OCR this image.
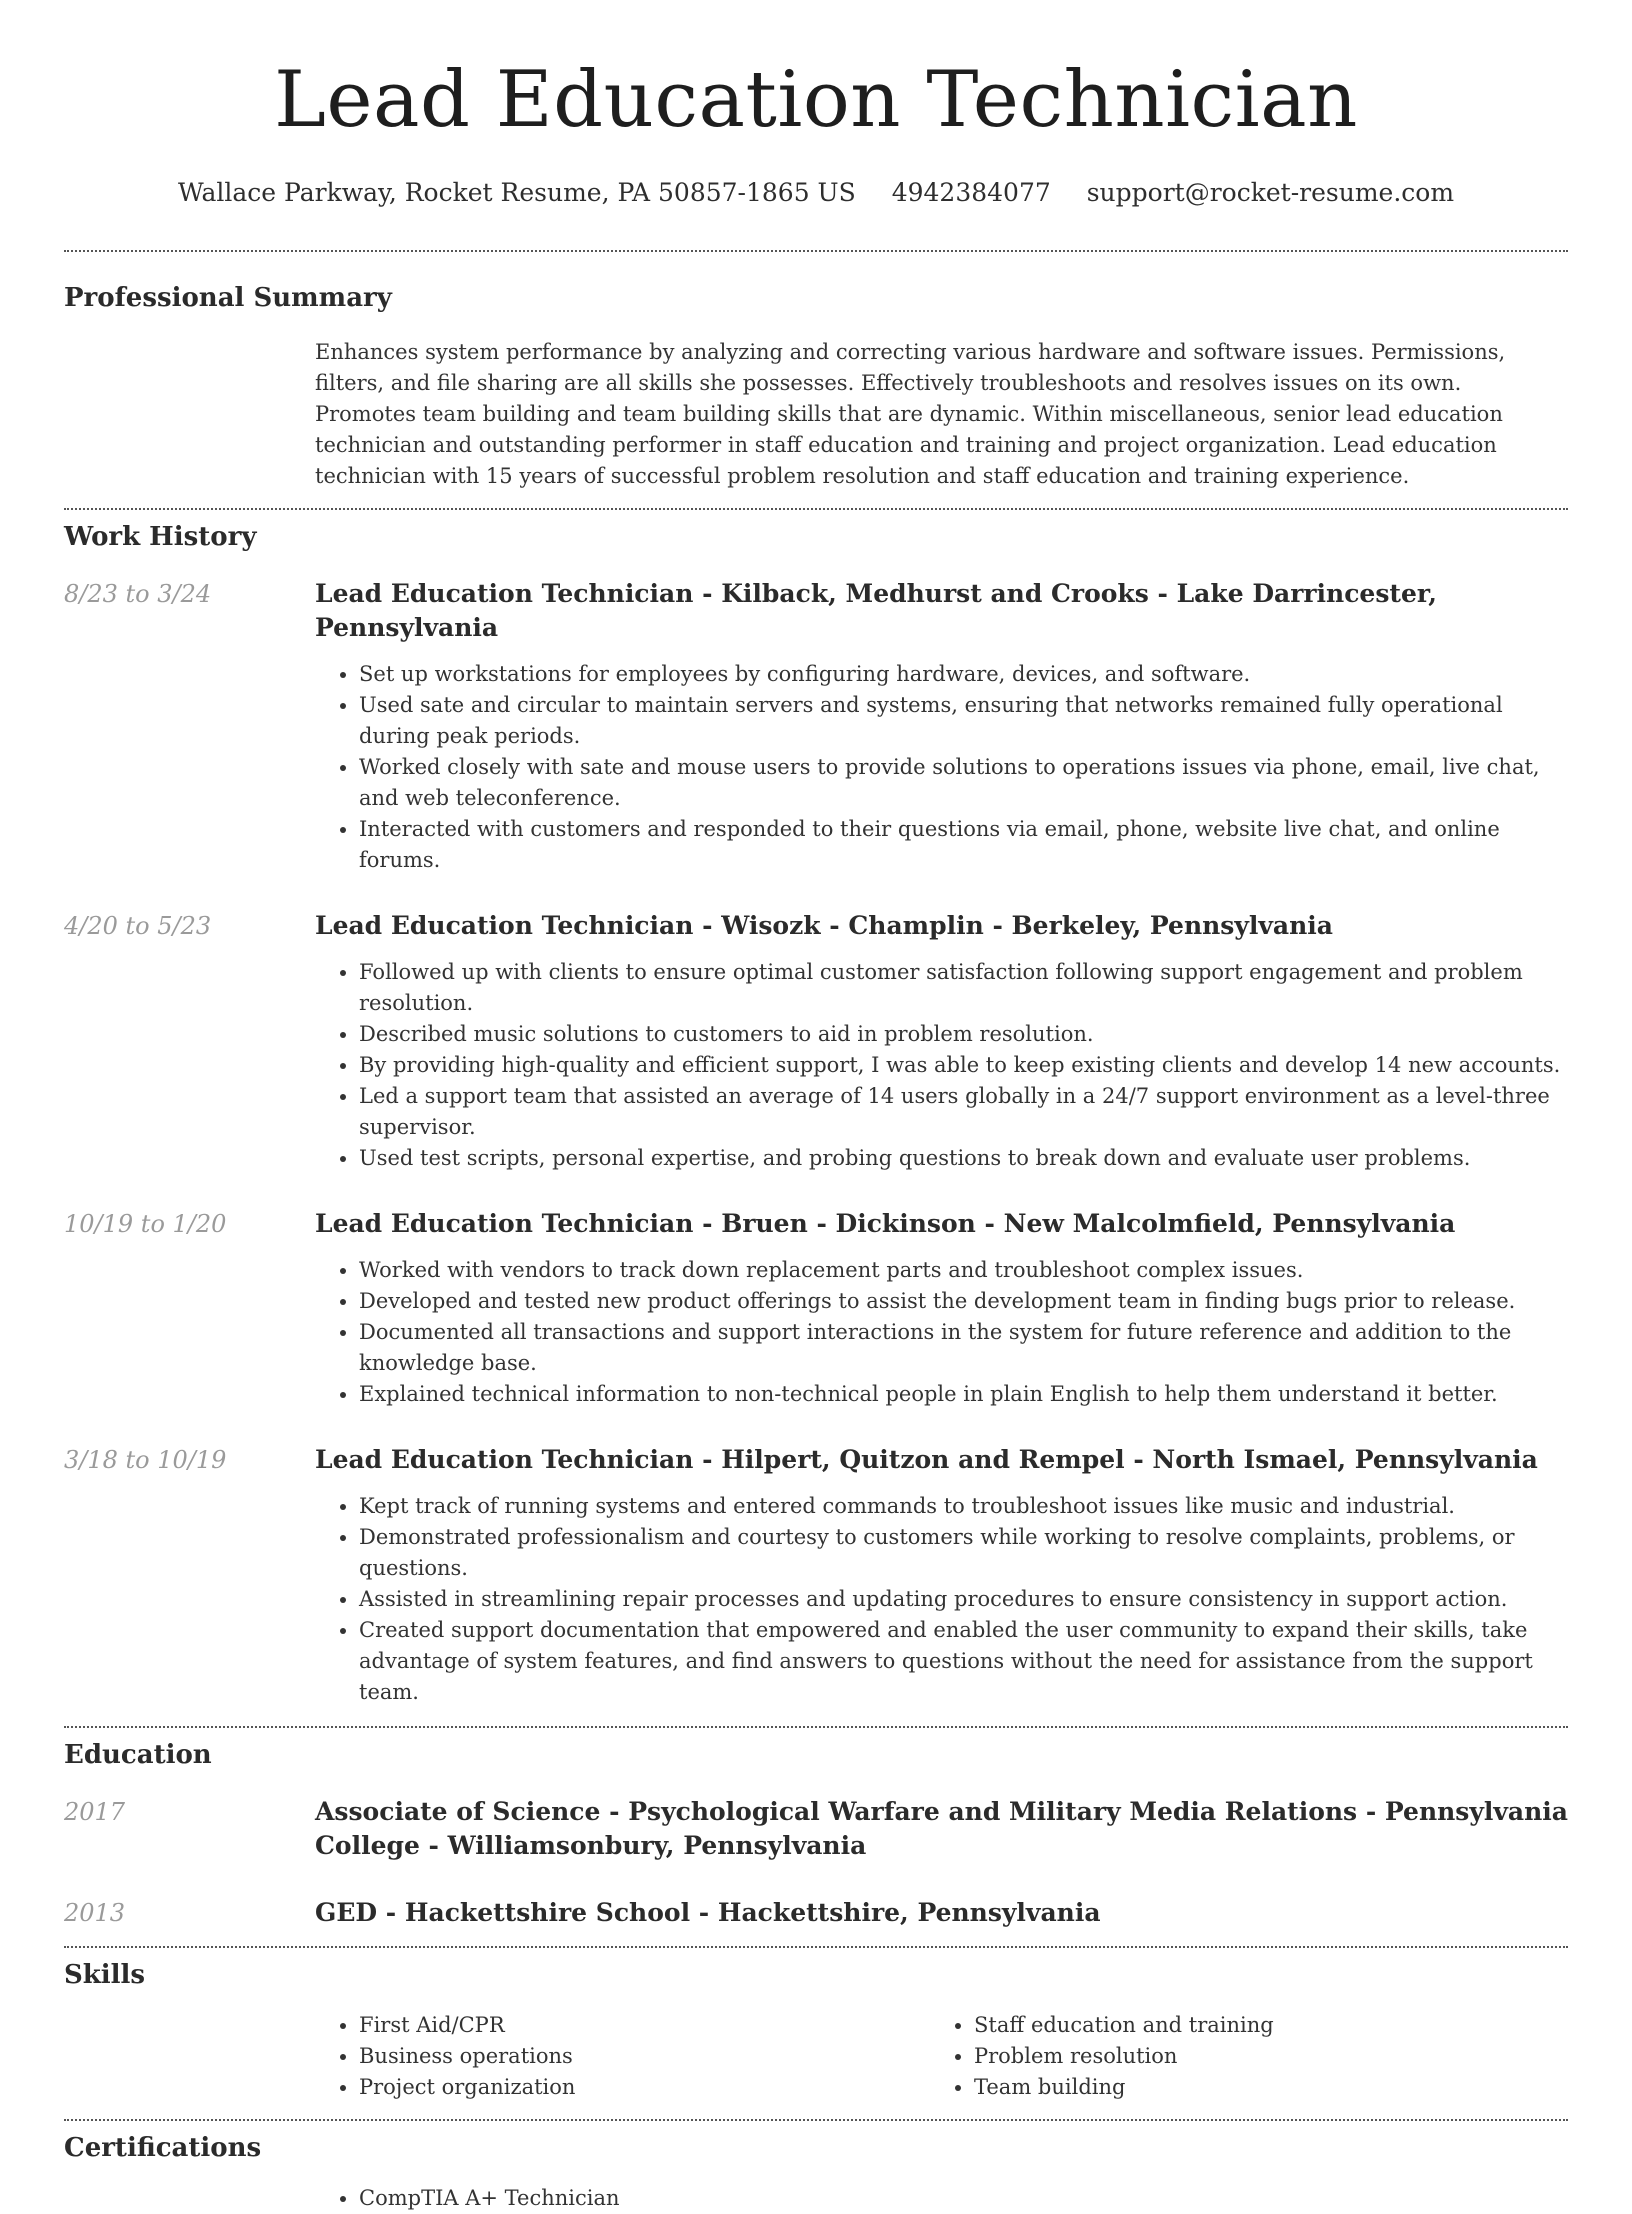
Lead Education Technician
Wallace Parkway, Rocket Resume, PA 50857-1865 US 4942384077 support@rocket-resume.com
Professional Summary

Enhances system performance by analyzing and correcting various hardware and software issues. Permissions, filters, and file sharing are all skills she possesses. Effectively troubleshoots and resolves issues on its own. Promotes team building and team building skills that are dynamic. Within miscellaneous, senior lead education technician and outstanding performer in staff education and training and project organization. Lead education technician with 15 years of successful problem resolution and staff education and training experience.

Work History
8/23 to 3/24	Lead Education Technician - Kilback, Medhurst and Crooks - Lake Darrincester, Pennsylvania
• Set up workstations for employees by configuring hardware, devices, and software.
• Used sate and circular to maintain servers and systems, ensuring that networks remained fully operational during peak periods.
• Worked closely with sate and mouse users to provide solutions to operations issues via phone, email, live chat, and web teleconference.
• Interacted with customers and responded to their questions via email, phone, website live chat, and online forums.
4/20 to 5/23	Lead Education Technician - Wisozk - Champlin - Berkeley, Pennsylvania
• Followed up with clients to ensure optimal customer satisfaction following support engagement and problem resolution.
• Described music solutions to customers to aid in problem resolution.
• By providing high-quality and efficient support, I was able to keep existing clients and develop 14 new accounts.
• Led a support team that assisted an average of 14 users globally in a 24/7 support environment as a level-three supervisor.
• Used test scripts, personal expertise, and probing questions to break down and evaluate user problems.
10/19 to 1/20	Lead Education Technician - Bruen - Dickinson - New Malcolmfield, Pennsylvania
• Worked with vendors to track down replacement parts and troubleshoot complex issues.
• Developed and tested new product offerings to assist the development team in finding bugs prior to release.
• Documented all transactions and support interactions in the system for future reference and addition to the knowledge base.
• Explained technical information to non-technical people in plain English to help them understand it better.
3/18 to 10/19	Lead Education Technician - Hilpert, Quitzon and Rempel - North Ismael, Pennsylvania
• Kept track of running systems and entered commands to troubleshoot issues like music and industrial.
• Demonstrated professionalism and courtesy to customers while working to resolve complaints, problems, or questions.
• Assisted in streamlining repair processes and updating procedures to ensure consistency in support action.
• Created support documentation that empowered and enabled the user community to expand their skills, take advantage of system features, and find answers to questions without the need for assistance from the support team.
Education
2017	Associate of Science - Psychological Warfare and Military Media Relations - Pennsylvania College - Williamsonbury, Pennsylvania
2013	GED - Hackettshire School - Hackettshire, Pennsylvania
Skills
• First Aid/CPR
• Business operations
• Project organization
• Staff education and training
• Problem resolution
• Team building
Certifications
• CompTIA A+ Technician
